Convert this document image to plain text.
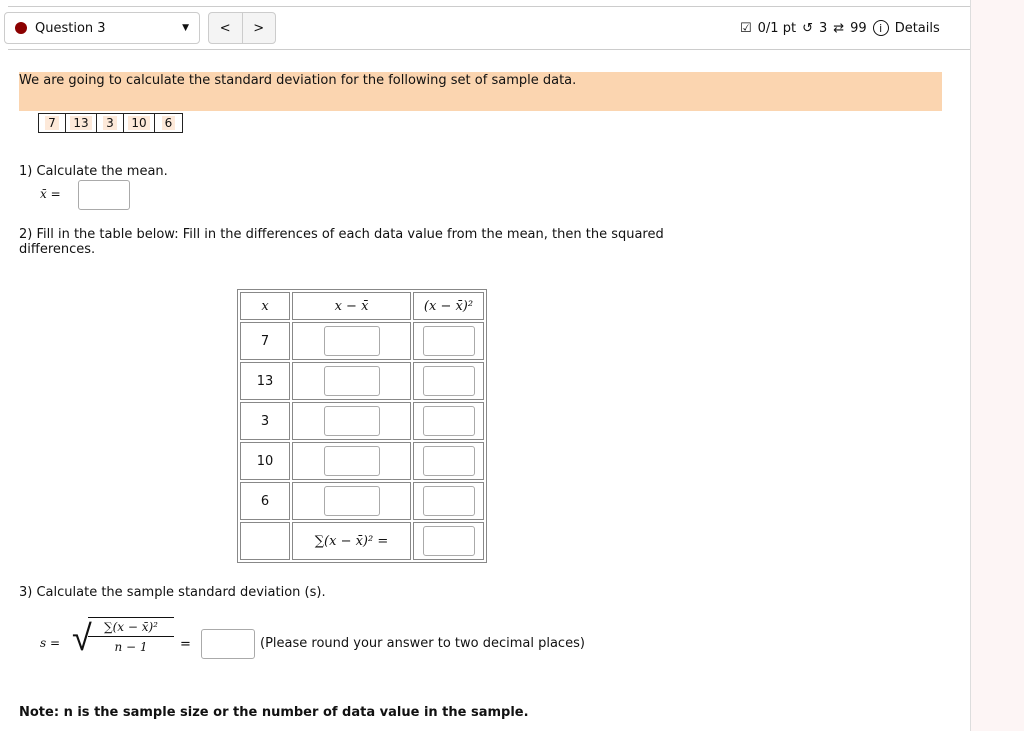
Question 3	▼	<	>	☑ 0/1 pt ↺ 3 ⇄ 99	i Details
We are going to calculate the standard deviation for the following set of sample data.
7	13	3	10	6
1) Calculate the mean.
x̄ =
2) Fill in the table below: Fill in the differences of each data value from the mean, then the squared differences.
x	x − x̄	(x − x̄)²
7		
13		
3		
10		
6		
	∑(x − x̄)² =	
3) Calculate the sample standard deviation (s).
s = √
$\frac{\text{∑(x − x̄)²}}{n - 1}$ =	(Please round your answer to two decimal places)
Note: n is the sample size or the number of data value in the sample.
